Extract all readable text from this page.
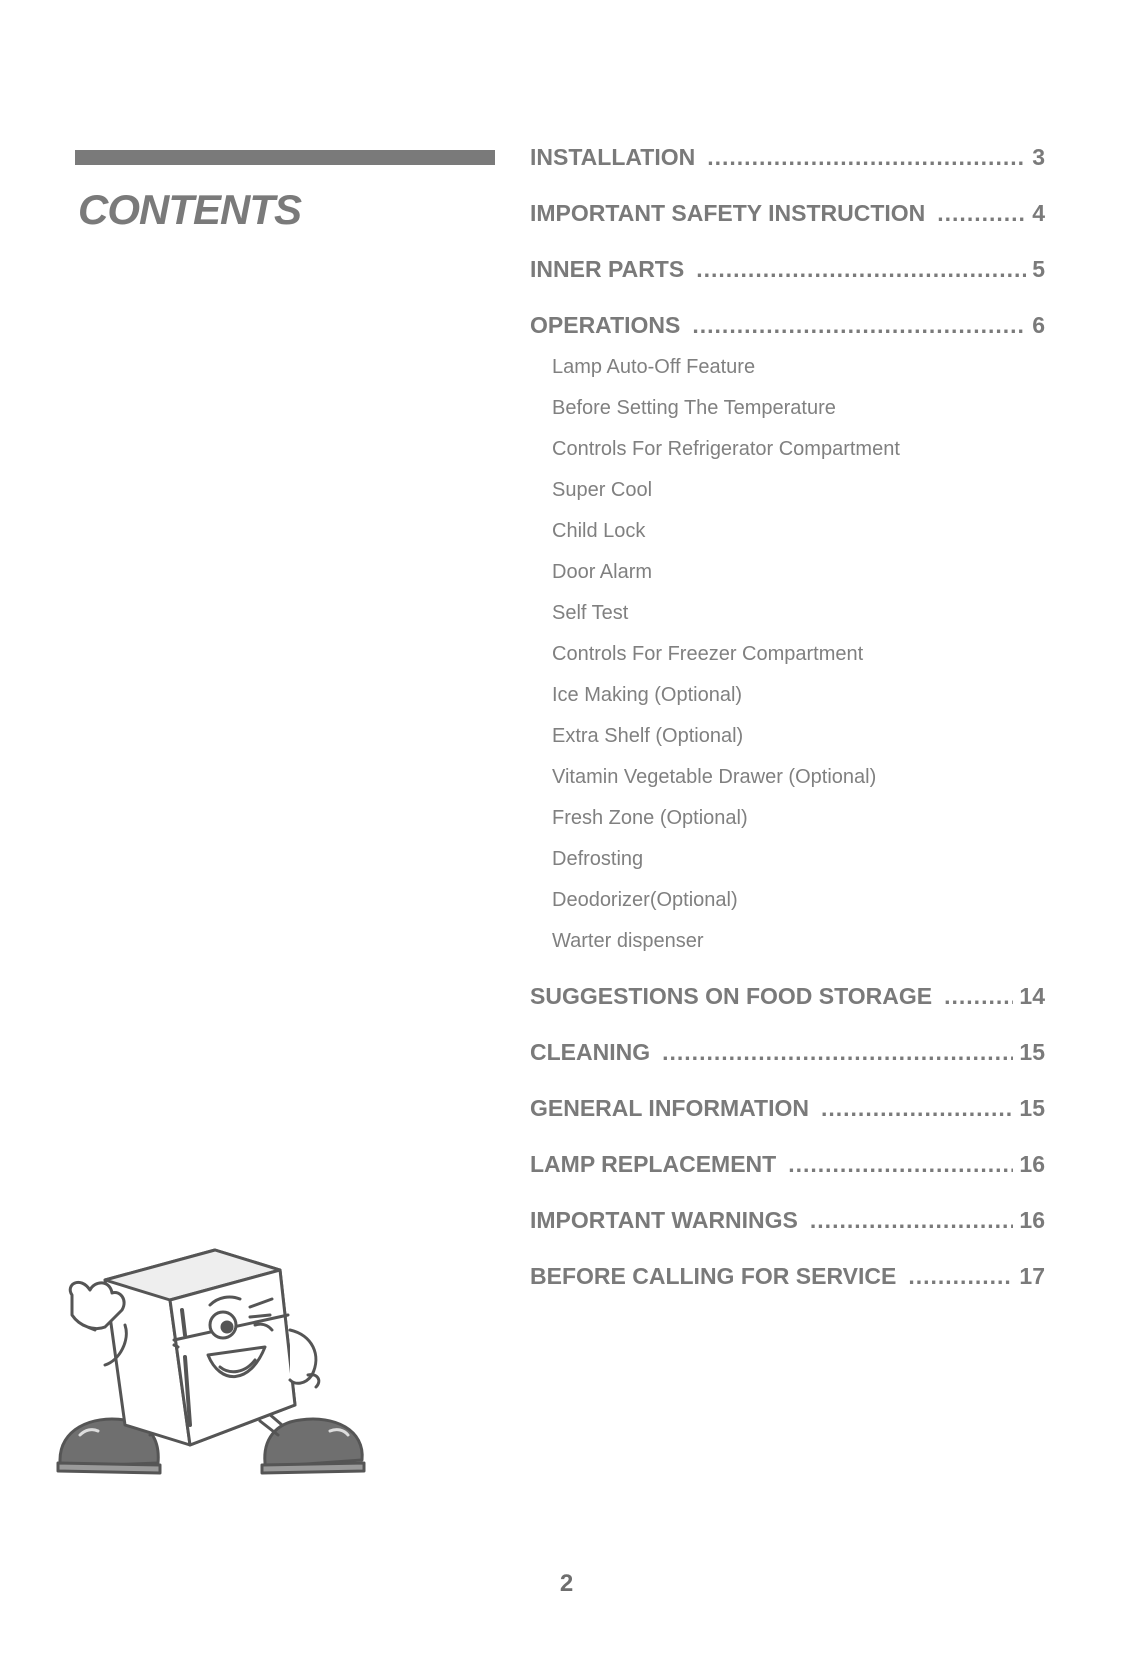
CONTENTS
INSTALLATION .....	3
IMPORTANT SAFETY INSTRUCTION .....	4
INNER PARTS .....	5
OPERATIONS .....	6
Lamp Auto-Off Feature
Before Setting The Temperature
Controls For Refrigerator Compartment
Super Cool
Child Lock
Door Alarm
Self Test
Controls For Freezer Compartment
Ice Making (Optional)
Extra Shelf (Optional)
Vitamin Vegetable Drawer (Optional)
Fresh Zone (Optional)
Defrosting
Deodorizer(Optional)
Warter dispenser
SUGGESTIONS ON FOOD STORAGE .....	14
CLEANING .....	15
GENERAL INFORMATION .....	15
LAMP REPLACEMENT .....	16
IMPORTANT WARNINGS .....	16
BEFORE CALLING FOR SERVICE .....	17
2
